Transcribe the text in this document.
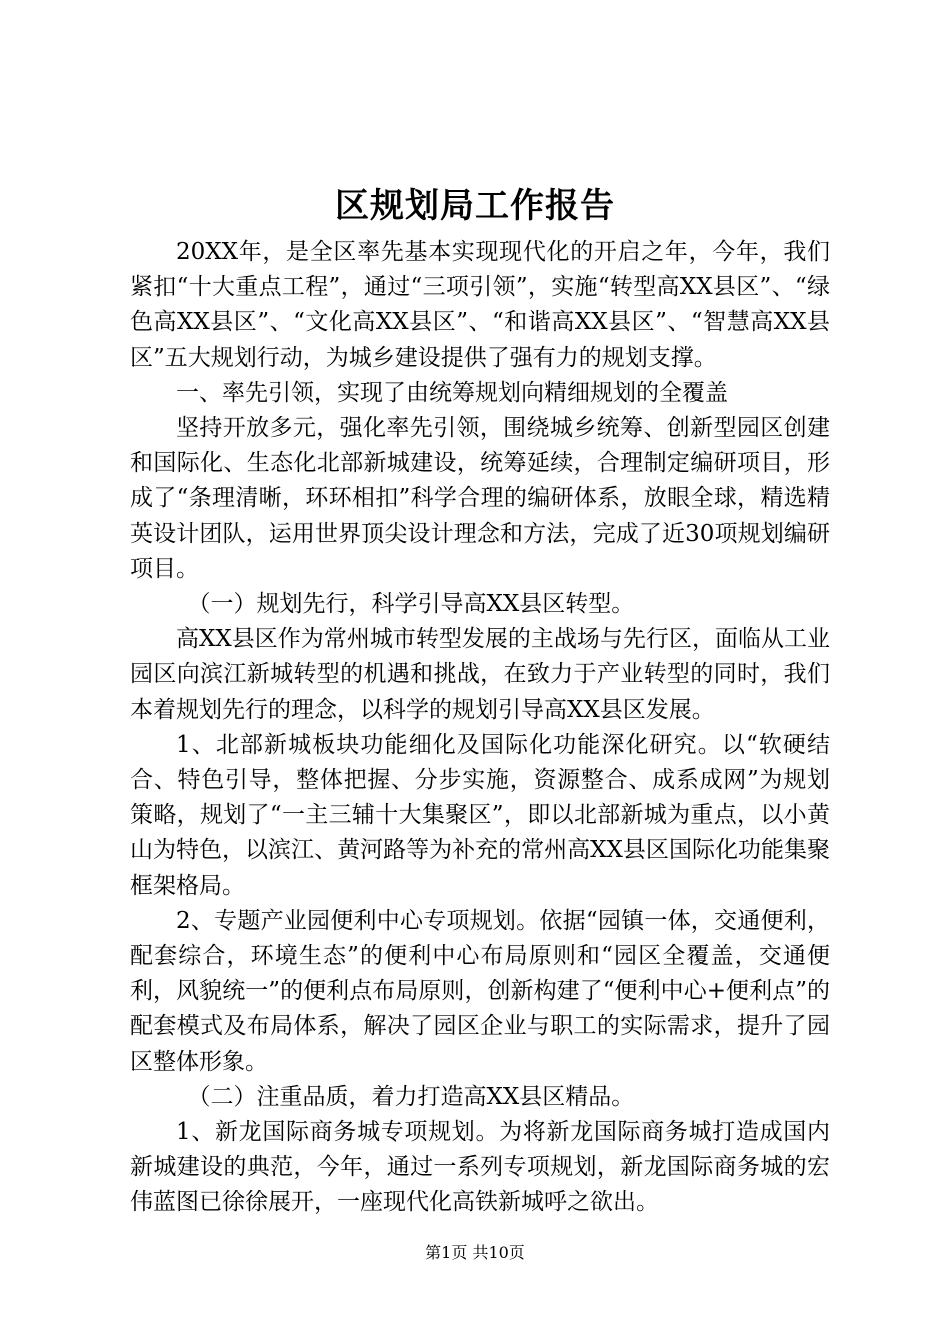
区规划局工作报告

20XX年，是全区率先基本实现现代化的开启之年，今年，我们紧扣“十大重点工程”，通过“三项引领”，实施“转型高XX县区”、“绿色高XX县区”、“文化高XX县区”、“和谐高XX县区”、“智慧高XX县区”五大规划行动，为城乡建设提供了强有力的规划支撑。

一、率先引领，实现了由统筹规划向精细规划的全覆盖

坚持开放多元，强化率先引领，围绕城乡统筹、创新型园区创建和国际化、生态化北部新城建设，统筹延续，合理制定编研项目，形成了“条理清晰，环环相扣”科学合理的编研体系，放眼全球，精选精英设计团队，运用世界顶尖设计理念和方法，完成了近30项规划编研项目。

（一）规划先行，科学引导高XX县区转型。

高XX县区作为常州城市转型发展的主战场与先行区，面临从工业园区向滨江新城转型的机遇和挑战，在致力于产业转型的同时，我们本着规划先行的理念，以科学的规划引导高XX县区发展。

1、北部新城板块功能细化及国际化功能深化研究。以“软硬结合、特色引导，整体把握、分步实施，资源整合、成系成网”为规划策略，规划了“一主三辅十大集聚区”，即以北部新城为重点，以小黄山为特色，以滨江、黄河路等为补充的常州高XX县区国际化功能集聚框架格局。

2、专题产业园便利中心专项规划。依据“园镇一体，交通便利，配套综合，环境生态”的便利中心布局原则和“园区全覆盖，交通便利，风貌统一”的便利点布局原则，创新构建了“便利中心+便利点”的配套模式及布局体系，解决了园区企业与职工的实际需求，提升了园区整体形象。

（二）注重品质，着力打造高XX县区精品。

1、新龙国际商务城专项规划。为将新龙国际商务城打造成国内新城建设的典范，今年，通过一系列专项规划，新龙国际商务城的宏伟蓝图已徐徐展开，一座现代化高铁新城呼之欲出。

第1页 共10页
